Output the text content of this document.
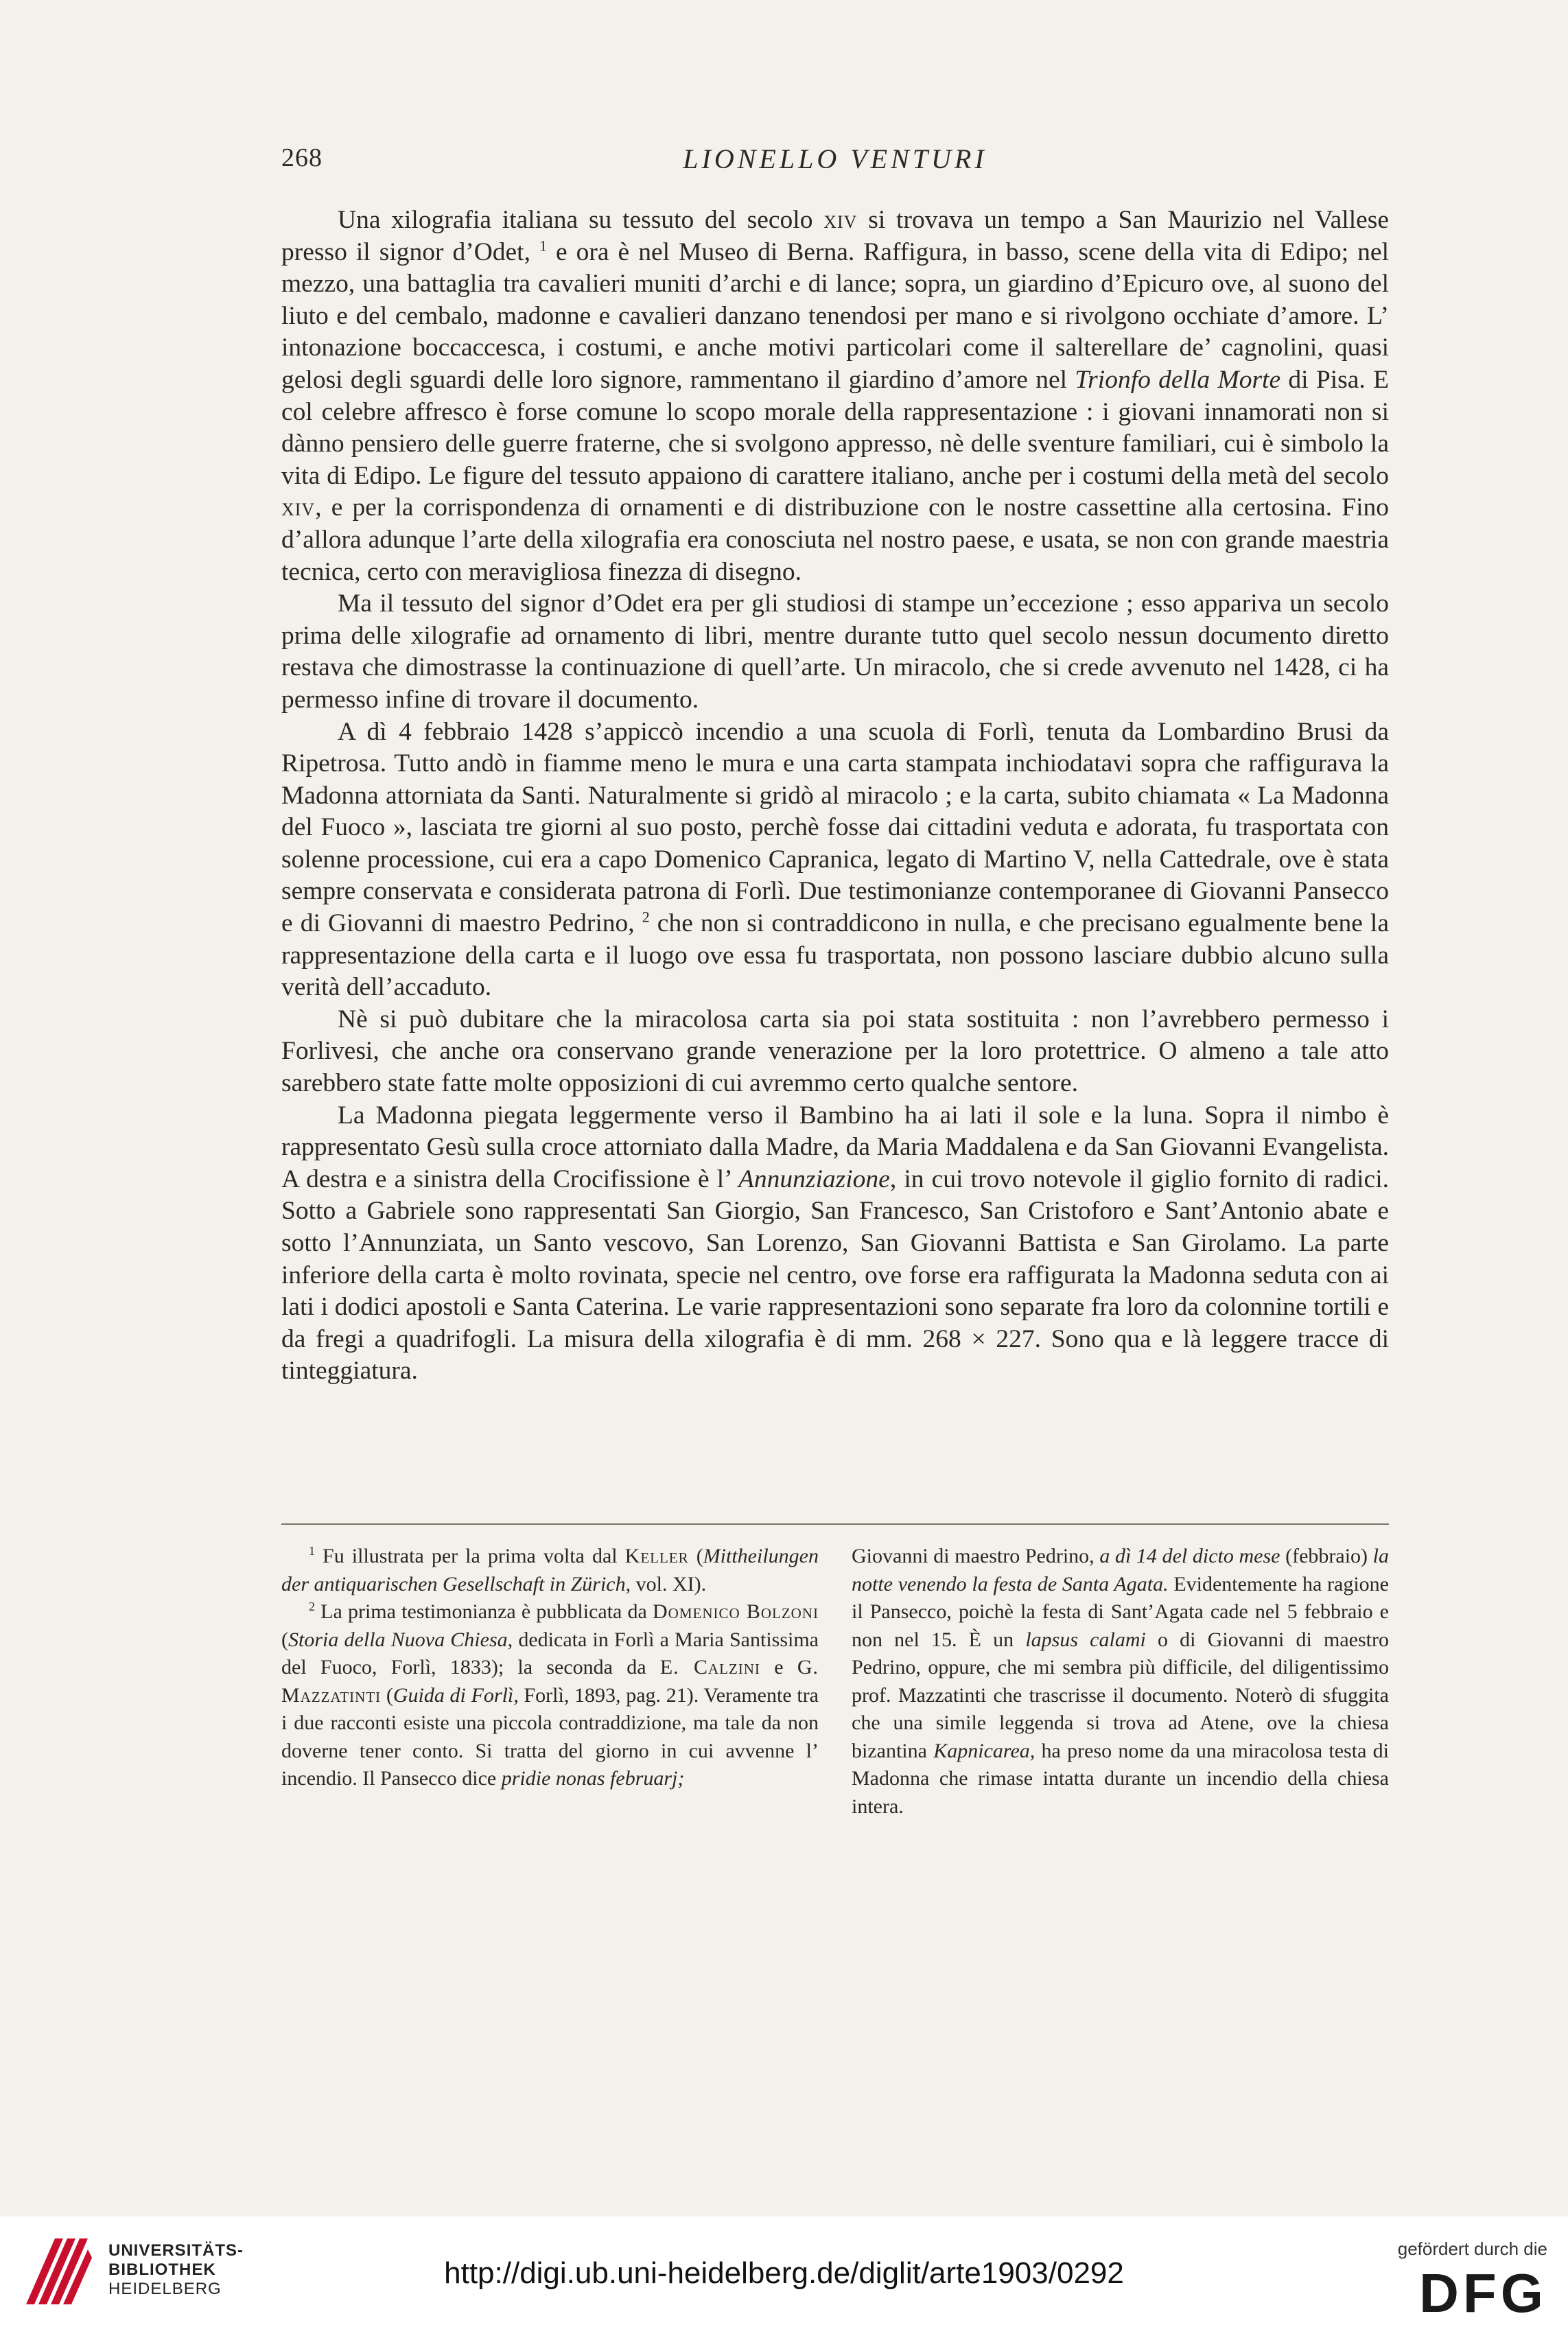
268	LIONELLO VENTURI

Una xilografia italiana su tessuto del secolo xiv si trovava un tempo a San Maurizio nel Vallese presso il signor d’Odet, $^1$ e ora è nel Museo di Berna. Raffigura, in basso, scene della vita di Edipo; nel mezzo, una battaglia tra cavalieri muniti d’archi e di lance; sopra, un giardino d’Epicuro ove, al suono del liuto e del cembalo, madonne e cavalieri danzano tenendosi per mano e si rivolgono occhiate d’amore. L’ intonazione boccaccesca, i costumi, e anche motivi particolari come il salterellare de’ cagnolini, quasi gelosi degli sguardi delle loro signore, rammentano il giardino d’amore nel Trionfo della Morte di Pisa. E col celebre affresco è forse comune lo scopo morale della rappresentazione : i giovani innamorati non si dànno pensiero delle guerre fraterne, che si svolgono appresso, nè delle sventure familiari, cui è simbolo la vita di Edipo. Le figure del tessuto appaiono di carattere italiano, anche per i costumi della metà del secolo xiv, e per la corrispondenza di ornamenti e di distribuzione con le nostre cassettine alla certosina. Fino d’allora adunque l’arte della xilografia era conosciuta nel nostro paese, e usata, se non con grande maestria tecnica, certo con meravigliosa finezza di disegno.

Ma il tessuto del signor d’Odet era per gli studiosi di stampe un’eccezione ; esso appariva un secolo prima delle xilografie ad ornamento di libri, mentre durante tutto quel secolo nessun documento diretto restava che dimostrasse la continuazione di quell’arte. Un miracolo, che si crede avvenuto nel 1428, ci ha permesso infine di trovare il documento.

A dì 4 febbraio 1428 s’appiccò incendio a una scuola di Forlì, tenuta da Lombardino Brusi da Ripetrosa. Tutto andò in fiamme meno le mura e una carta stampata inchiodatavi sopra che raffigurava la Madonna attorniata da Santi. Naturalmente si gridò al miracolo ; e la carta, subito chiamata « La Madonna del Fuoco », lasciata tre giorni al suo posto, perchè fosse dai cittadini veduta e adorata, fu trasportata con solenne processione, cui era a capo Domenico Capranica, legato di Martino V, nella Cattedrale, ove è stata sempre conservata e considerata patrona di Forlì. Due testimonianze contemporanee di Giovanni Pansecco e di Giovanni di maestro Pedrino, $^2$ che non si contraddicono in nulla, e che precisano egualmente bene la rappresentazione della carta e il luogo ove essa fu trasportata, non possono lasciare dubbio alcuno sulla verità dell’accaduto.

Nè si può dubitare che la miracolosa carta sia poi stata sostituita : non l’avrebbero permesso i Forlivesi, che anche ora conservano grande venerazione per la loro protettrice. O almeno a tale atto sarebbero state fatte molte opposizioni di cui avremmo certo qualche sentore.

La Madonna piegata leggermente verso il Bambino ha ai lati il sole e la luna. Sopra il nimbo è rappresentato Gesù sulla croce attorniato dalla Madre, da Maria Maddalena e da San Giovanni Evangelista. A destra e a sinistra della Crocifissione è l’ Annunziazione, in cui trovo notevole il giglio fornito di radici. Sotto a Gabriele sono rappresentati San Giorgio, San Francesco, San Cristoforo e Sant’Antonio abate e sotto l’Annunziata, un Santo vescovo, San Lorenzo, San Giovanni Battista e San Girolamo. La parte inferiore della carta è molto rovinata, specie nel centro, ove forse era raffigurata la Madonna seduta con ai lati i dodici apostoli e Santa Caterina. Le varie rappresentazioni sono separate fra loro da colonnine tortili e da fregi a quadrifogli. La misura della xilografia è di mm. 268 × 227. Sono qua e là leggere tracce di tinteggiatura.

$^1$ Fu illustrata per la prima volta dal Keller (Mittheilungen der antiquarischen Gesellschaft in Zürich, vol. XI).

$^2$ La prima testimonianza è pubblicata da Domenico Bolzoni (Storia della Nuova Chiesa, dedicata in Forlì a Maria Santissima del Fuoco, Forlì, 1833); la seconda da E. Calzini e G. Mazzatinti (Guida di Forlì, Forlì, 1893, pag. 21). Veramente tra i due racconti esiste una piccola contraddizione, ma tale da non doverne tener conto. Si tratta del giorno in cui avvenne l’ incendio. Il Pansecco dice pridie nonas februarj;

Giovanni di maestro Pedrino, a dì 14 del dicto mese (febbraio) la notte venendo la festa de Santa Agata. Evidentemente ha ragione il Pansecco, poichè la festa di Sant’Agata cade nel 5 febbraio e non nel 15. È un lapsus calami o di Giovanni di maestro Pedrino, oppure, che mi sembra più difficile, del diligentissimo prof. Mazzatinti che trascrisse il documento. Noterò di sfuggita che una simile leggenda si trova ad Atene, ove la chiesa bizantina Kapnicarea, ha preso nome da una miracolosa testa di Madonna che rimase intatta durante un incendio della chiesa intera.

UNIVERSITÄTS-
BIBLIOTHEK
HEIDELBERG	http://digi.ub.uni-heidelberg.de/diglit/arte1903/0292
gefördert durch die
DFG
